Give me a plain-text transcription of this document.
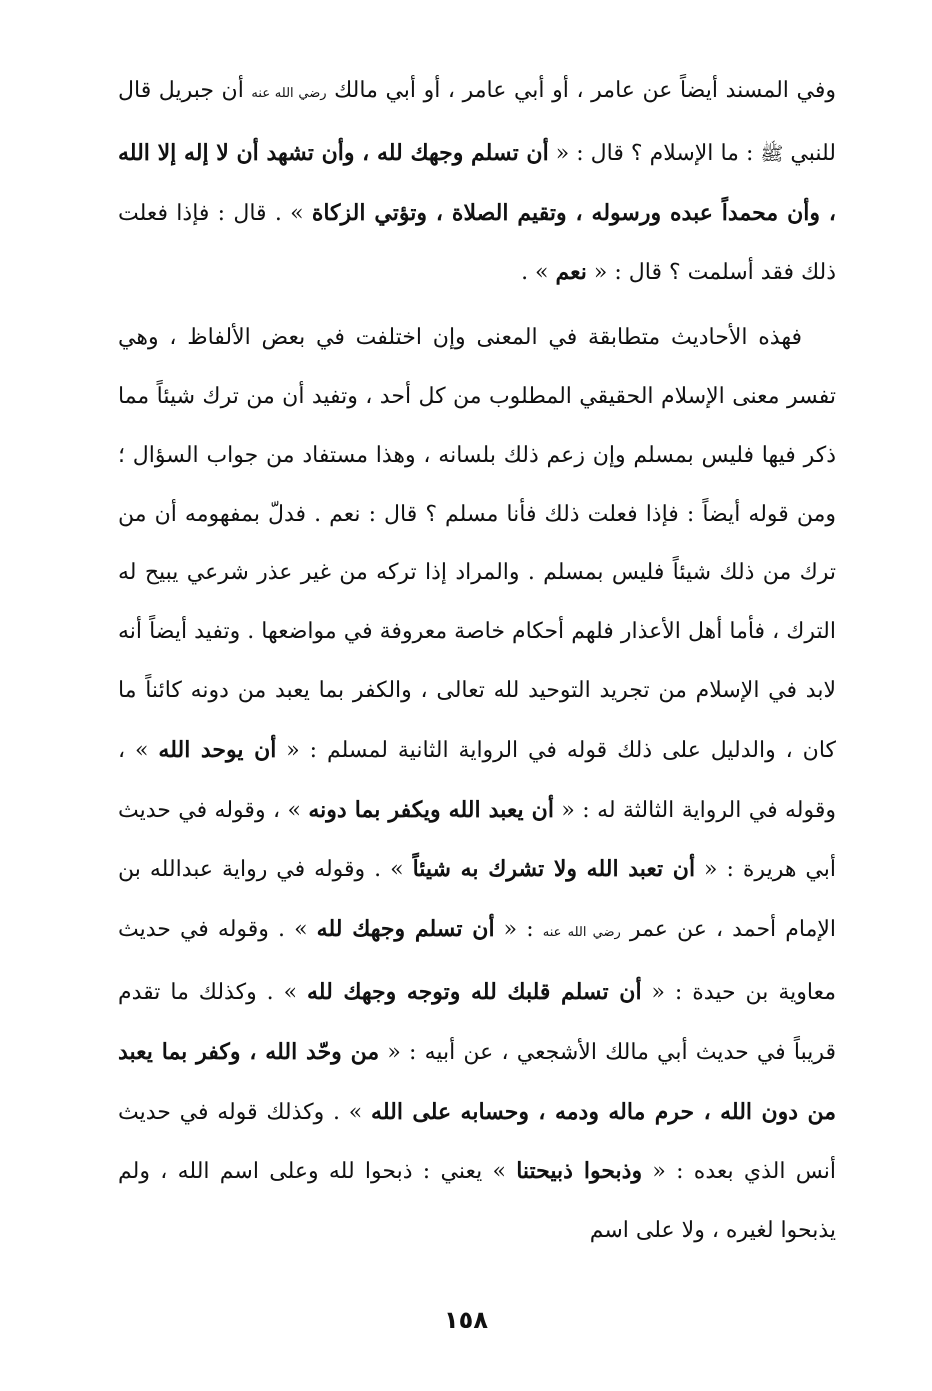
وفي المسند أيضاً عن عامر ، أو أبي عامر ، أو أبي مالك رضي الله عنه أن جبريل قال للنبي ﷺ : ما الإسلام ؟ قال : « أن تسلم وجهك لله ، وأن تشهد أن لا إله إلا الله ، وأن محمداً عبده ورسوله ، وتقيم الصلاة ، وتؤتي الزكاة » . قال : فإذا فعلت ذلك فقد أسلمت ؟ قال : « نعم » .

فهذه الأحاديث متطابقة في المعنى وإن اختلفت في بعض الألفاظ ، وهي تفسر معنى الإسلام الحقيقي المطلوب من كل أحد ، وتفيد أن من ترك شيئاً مما ذكر فيها فليس بمسلم وإن زعم ذلك بلسانه ، وهذا مستفاد من جواب السؤال ؛ ومن قوله أيضاً : فإذا فعلت ذلك فأنا مسلم ؟ قال : نعم . فدلّ بمفهومه أن من ترك من ذلك شيئاً فليس بمسلم . والمراد إذا تركه من غير عذر شرعي يبيح له الترك ، فأما أهل الأعذار فلهم أحكام خاصة معروفة في مواضعها . وتفيد أيضاً أنه لابد في الإسلام من تجريد التوحيد لله تعالى ، والكفر بما يعبد من دونه كائناً ما كان ، والدليل على ذلك قوله في الرواية الثانية لمسلم : « أن يوحد الله » ، وقوله في الرواية الثالثة له : « أن يعبد الله ويكفر بما دونه » ، وقوله في حديث أبي هريرة : « أن تعبد الله ولا تشرك به شيئاً » . وقوله في رواية عبدالله بن الإمام أحمد ، عن عمر رضي الله عنه : « أن تسلم وجهك لله » . وقوله في حديث معاوية بن حيدة : « أن تسلم قلبك لله وتوجه وجهك لله » . وكذلك ما تقدم قريباً في حديث أبي مالك الأشجعي ، عن أبيه : « من وحّد الله ، وكفر بما يعبد من دون الله ، حرم ماله ودمه ، وحسابه على الله » . وكذلك قوله في حديث أنس الذي بعده : « وذبحوا ذبيحتنا » يعني : ذبحوا لله وعلى اسم الله ، ولم يذبحوا لغيره ، ولا على اسم

١٥٨
